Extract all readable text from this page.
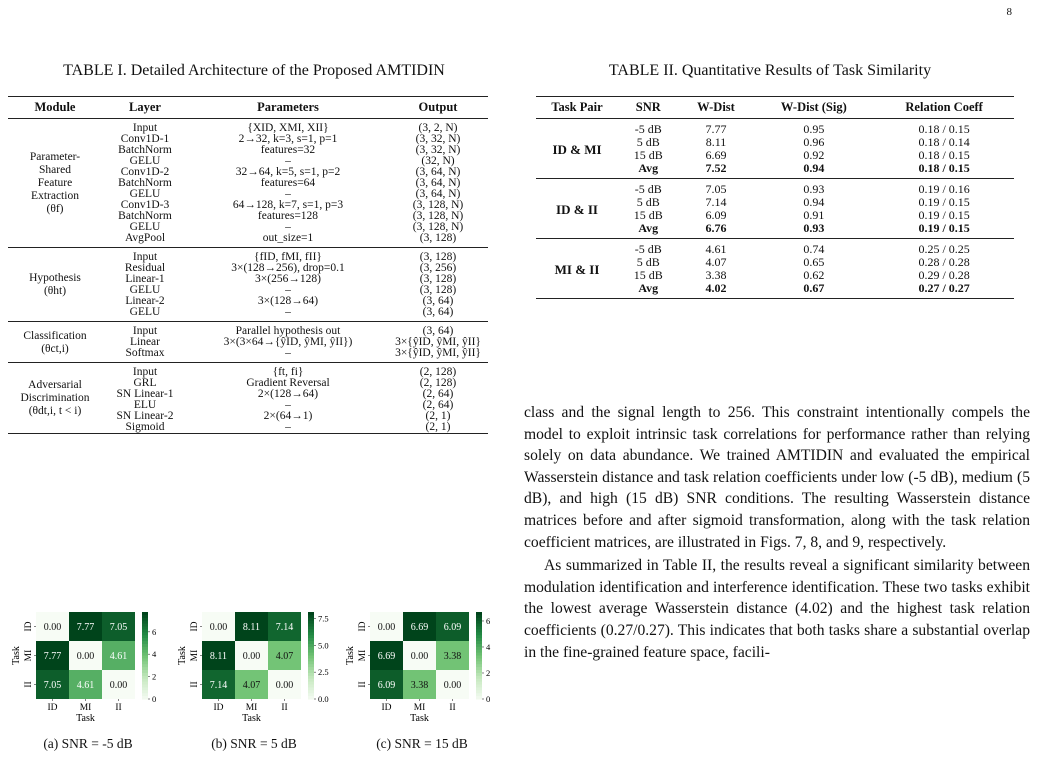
8
TABLE I. Detailed Architecture of the Proposed AMTIDIN
Module	Layer	Parameters	Output

Parameter-
Shared
Feature
Extraction
(θf)	Input	{XID, XMI, XII}	(3, 2, N)
	Conv1D-1	2→32, k=3, s=1, p=1	(3, 32, N)
	BatchNorm	features=32	(3, 32, N)
	GELU	–	(32, N)
	Conv1D-2	32→64, k=5, s=1, p=2	(3, 64, N)
	BatchNorm	features=64	(3, 64, N)
	GELU	–	(3, 64, N)
	Conv1D-3	64→128, k=7, s=1, p=3	(3, 128, N)
	BatchNorm	features=128	(3, 128, N)
	GELU	–	(3, 128, N)
	AvgPool	out_size=1	(3, 128)

Hypothesis
(θht)	Input	{fID, fMI, fII}	(3, 128)
	Residual	3×(128→256), drop=0.1	(3, 256)
	Linear-1	3×(256→128)	(3, 128)
	GELU	–	(3, 128)
	Linear-2	3×(128→64)	(3, 64)
	GELU	–	(3, 64)

Classification
(θct,i)	Input	Parallel hypothesis out	(3, 64)
	Linear	3×(3×64→{ŷID, ŷMI, ŷII})	3×{ŷID, ŷMI, ŷII}
	Softmax	–	3×{ŷID, ŷMI, ŷII}

Adversarial
Discrimination
(θdt,i, t < i)	Input	{ft, fi}	(2, 128)
	GRL	Gradient Reversal	(2, 128)
	SN Linear-1	2×(128→64)	(2, 64)
	ELU	–	(2, 64)
	SN Linear-2	2×(64→1)	(2, 1)
	Sigmoid	–	(2, 1)
TABLE II. Quantitative Results of Task Similarity
Task Pair	SNR	W-Dist	W-Dist (Sig)	Relation Coeff
ID & MI	-5 dB	7.77	0.95	0.18 / 0.15
	5 dB	8.11	0.96	0.18 / 0.14
	15 dB	6.69	0.92	0.18 / 0.15
	Avg	7.52	0.94	0.18 / 0.15
ID & II	-5 dB	7.05	0.93	0.19 / 0.16
	5 dB	7.14	0.94	0.19 / 0.15
	15 dB	6.09	0.91	0.19 / 0.15
	Avg	6.76	0.93	0.19 / 0.15
MI & II	-5 dB	4.61	0.74	0.25 / 0.25
	5 dB	4.07	0.65	0.28 / 0.28
	15 dB	3.38	0.62	0.29 / 0.28
	Avg	4.02	0.67	0.27 / 0.27

class and the signal length to 256. This constraint intentionally compels the model to exploit intrinsic task correlations for performance rather than relying solely on data abundance. We trained AMTIDIN and evaluated the empirical Wasserstein distance and task relation coefficients under low (-5 dB), medium (5 dB), and high (15 dB) SNR conditions. The resulting Wasserstein distance matrices before and after sigmoid transformation, along with the task relation coefficient matrices, are illustrated in Figs. 7, 8, and 9, respectively.

As summarized in Table II, the results reveal a significant similarity between modulation identification and interference identification. These two tasks exhibit the lowest average Wasserstein distance (4.02) and the highest task relation coefficients (0.27/0.27). This indicates that both tasks share a substantial overlap in the fine-grained feature space, facili-

0.00 7.77 7.05
7.77 0.00 4.61
7.05 4.61 0.00
ID
MI
II
Task
ID MI	II
Task
0
2
4
6	0.00 8.11 7.14
8.11 0.00 4.07
7.14 4.07 0.00
ID
MI
II
Task
ID MI	II
Task
0.0
2.5
5.0
7.5
0.00 6.69 6.09
6.69 0.00 3.38
6.09 3.38 0.00
ID
MI
II
Task
ID MI	II
Task
0
2
4
6
(a) SNR = -5 dB	(b) SNR = 5 dB	(c) SNR = 15 dB
